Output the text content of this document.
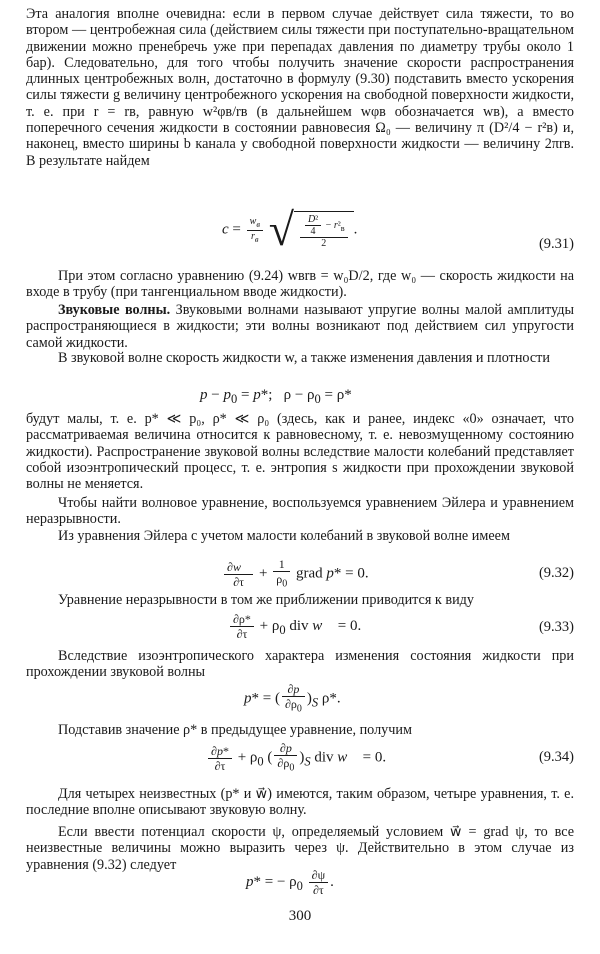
Эта аналогия вполне очевидна: если в первом случае действует сила тяжести, то во втором — центробежная сила (действием силы тяжести при поступательно-вращательном движении можно пренебречь уже при перепадах давления по диаметру трубы около 1 бар). Следовательно, для того чтобы получить значение скорости распространения длинных центробежных волн, достаточно в формулу (9.30) подставить вместо ускорения силы тяжести g величину центробежного ускорения на свободной поверхности жидкости, т. е. при r = rв, равную w²φв/rв (в дальнейшем wφв обозначается wв), а вместо поперечного сечения жидкости в состоянии равновесия Ω₀ — величину π (D²/4 − r²в) и, наконец, вместо ширины b канала у свободной поверхности жидкости — величину 2πrв. В результате найдем

$c = \frac{w_в}{r_в}$ √ $\frac{\frac{\text{D²}}{4} - r^2_в}{2}$ .
(9.31)

При этом согласно уравнению (9.24) wвrв = w₀D/2, где w₀ — скорость жидкости на входе в трубу (при тангенциальном вводе жидкости).

Звуковые волны. Звуковыми волнами называют упругие волны малой амплитуды распространяющиеся в жидкости; эти волны возникают под действием сил упругости самой жидкости.

В звуковой волне скорость жидкости w, а также изменения давления и плотности

$p - p_0 = p*$;   $\rho - \rho_0 = \rho*$

будут малы, т. е. p* ≪ p₀, ρ* ≪ ρ₀ (здесь, как и ранее, индекс «0» означает, что рассматриваемая величина относится к равновесному, т. е. невозмущенному состоянию жидкости). Распространение звуковой волны вследствие малости колебаний представляет собой изоэнтропический процесс, т. е. энтропия s жидкости при прохождении звуковой волны не меняется.

Чтобы найти волновое уравнение, воспользуемся уравнением Эйлера и уравнением неразрывности.

Из уравнения Эйлера с учетом малости колебаний в звуковой волне имеем

$\frac{\partial w⃗}{\partial\tau} + \frac{1}{\rho_0}$ grad p* = 0.	(9.32)

Уравнение неразрывности в том же приближении приводится к виду

$\frac{\partial\rho*}{\partial\tau} + \rho_0$ div w⃗ = 0.	(9.33)

Вследствие изоэнтропического характера изменения состояния жидкости при прохождении звуковой волны

p* = ( $\frac{\partial p}{\partial\rho_0} )_S$ ρ*.

Подставив значение ρ* в предыдущее уравнение, получим

$\frac{\partial p*}{\partial\tau} + \rho_0$ ( $\frac{\partial p}{\partial\rho_0} )_S$ div w⃗ = 0.	(9.34)

Для четырех неизвестных (p* и w⃗) имеются, таким образом, четыре уравнения, т. е. последние вполне описывают звуковую волну.

Если ввести потенциал скорости ψ, определяемый условием w⃗ = grad ψ, то все неизвестные величины можно выразить через ψ. Действительно в этом случае из уравнения (9.32) следует

p* = − $\rho_0 \frac{\partial\psi}{\partial\tau}$ .
300
